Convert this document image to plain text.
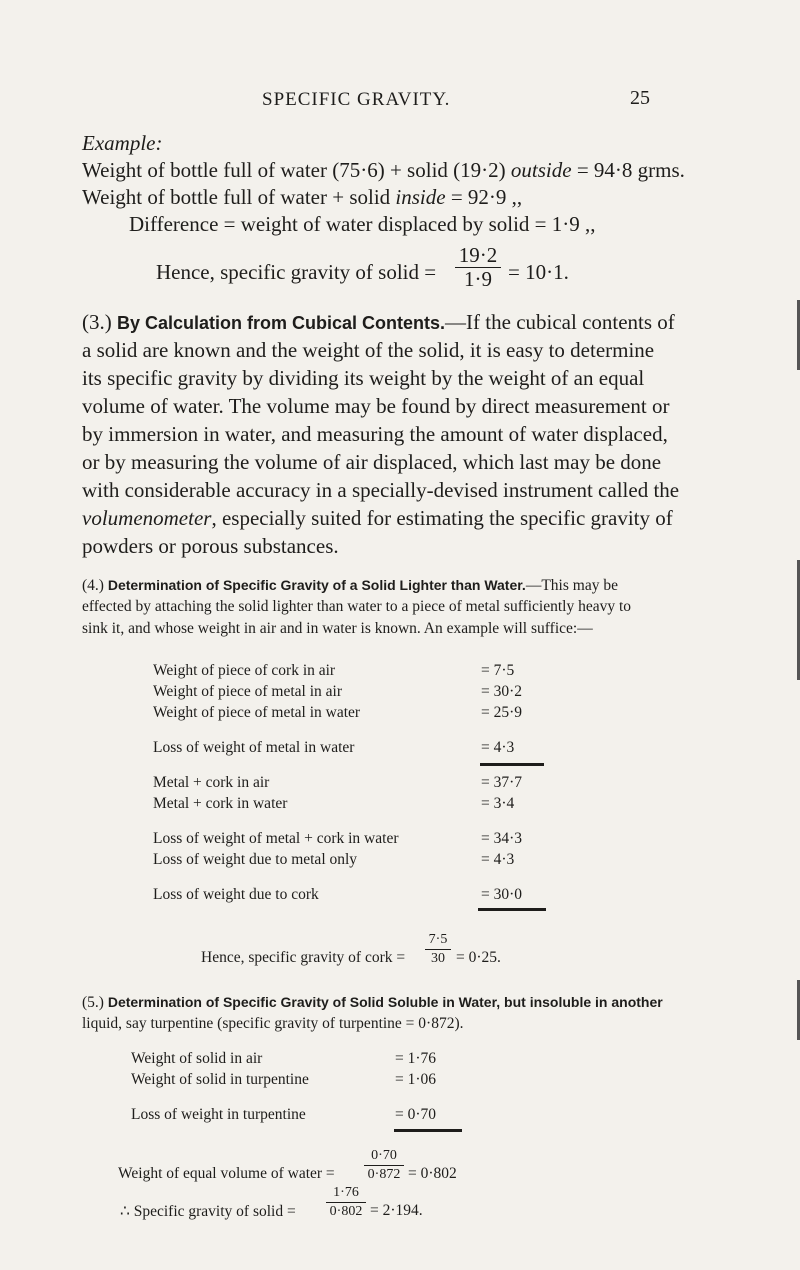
SPECIFIC GRAVITY.	25
Example:
Weight of bottle full of water (75·6) + solid (19·2) outside = 94·8 grms.
Weight of bottle full of water + solid inside = 92·9 ,,
Difference = weight of water displaced by solid = 1·9 ,,
Hence, specific gravity of solid =
19·2
1·9 = 10·1.
(3.) By Calculation from Cubical Contents.—If the cubical contents of
a solid are known and the weight of the solid, it is easy to determine
its specific gravity by dividing its weight by the weight of an equal
volume of water. The volume may be found by direct measurement or
by immersion in water, and measuring the amount of water displaced,
or by measuring the volume of air displaced, which last may be done
with considerable accuracy in a specially-devised instrument called the
volumenometer, especially suited for estimating the specific gravity of
powders or porous substances.
(4.) Determination of Specific Gravity of a Solid Lighter than Water.—This may be
effected by attaching the solid lighter than water to a piece of metal sufficiently heavy to
sink it, and whose weight in air and in water is known. An example will suffice:—
Weight of piece of cork in air	= 7·5
Weight of piece of metal in air	= 30·2
Weight of piece of metal in water	= 25·9
Loss of weight of metal in water	= 4·3
Metal + cork in air	= 37·7
Metal + cork in water	= 3·4
Loss of weight of metal + cork in water	= 34·3
Loss of weight due to metal only	= 4·3
Loss of weight due to cork	= 30·0
Hence, specific gravity of cork =
7·5
30 = 0·25.
(5.) Determination of Specific Gravity of Solid Soluble in Water, but insoluble in another
liquid, say turpentine (specific gravity of turpentine = 0·872).
Weight of solid in air	= 1·76
Weight of solid in turpentine	= 1·06
Loss of weight in turpentine	= 0·70
Weight of equal volume of water =
0·70
0·872 = 0·802
∴ Specific gravity of solid =
1·76
0·802 = 2·194.
